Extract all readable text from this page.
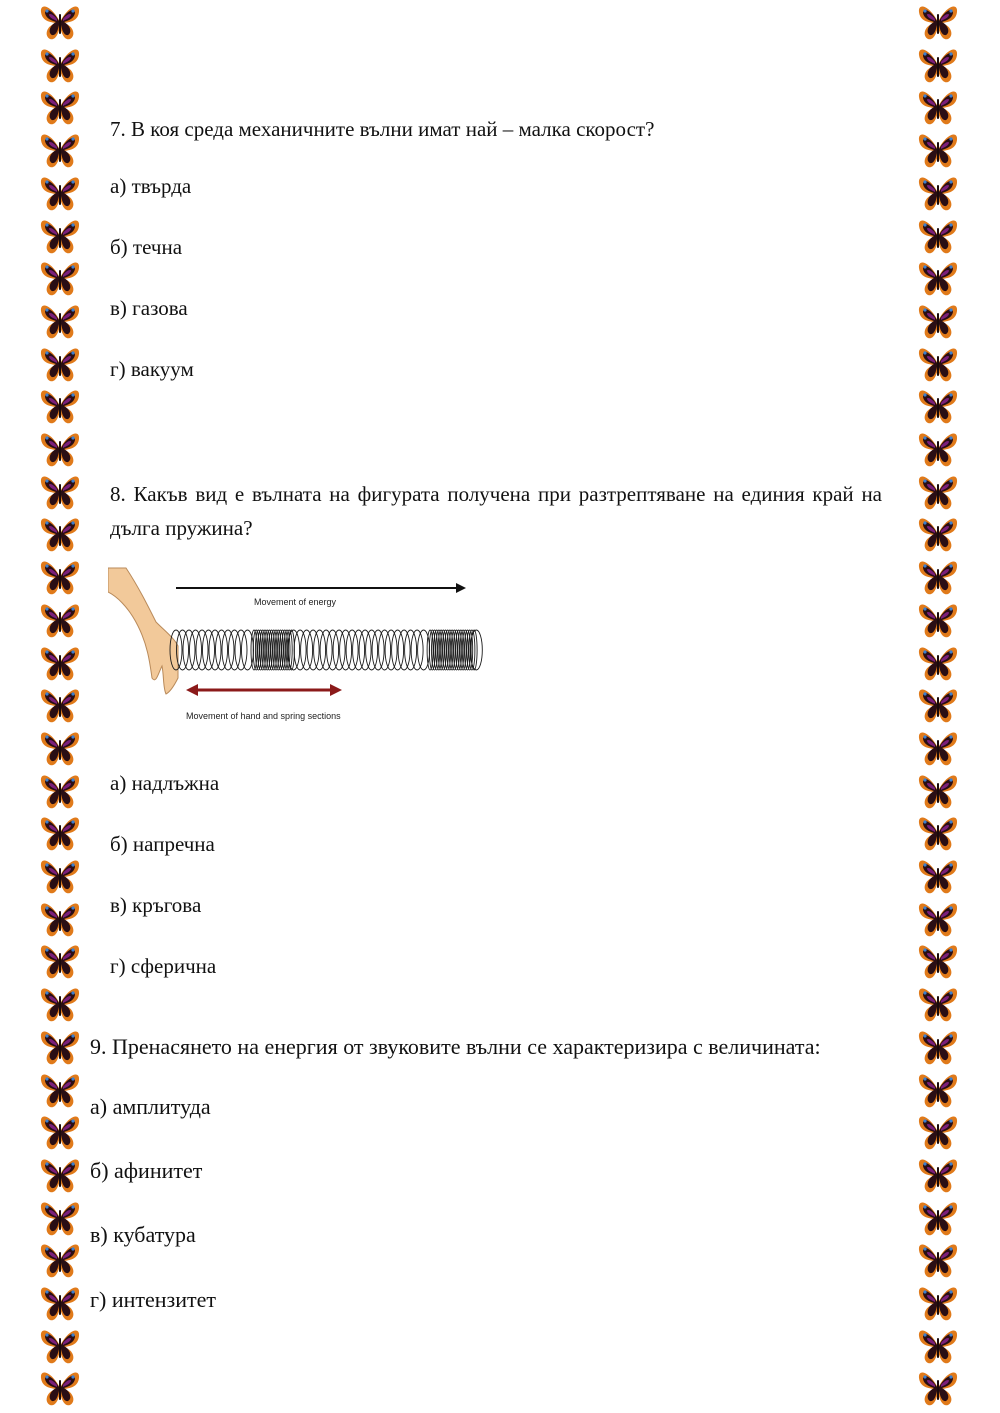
7. В коя среда механичните вълни имат най – малка скорост?
а) твърда
б) течна
в) газова
г) вакуум
8. Какъв вид е вълната на фигурата получена при разтрептяване на единия край на дълга пружина?
Movement of energy
Movement of hand and spring sections
а) надлъжна
б) напречна
в) кръгова
г) сферична
9. Пренасянето на енергия от звуковите вълни се характеризира с величината:
а) амплитуда
б) афинитет
в) кубатура
г) интензитет
